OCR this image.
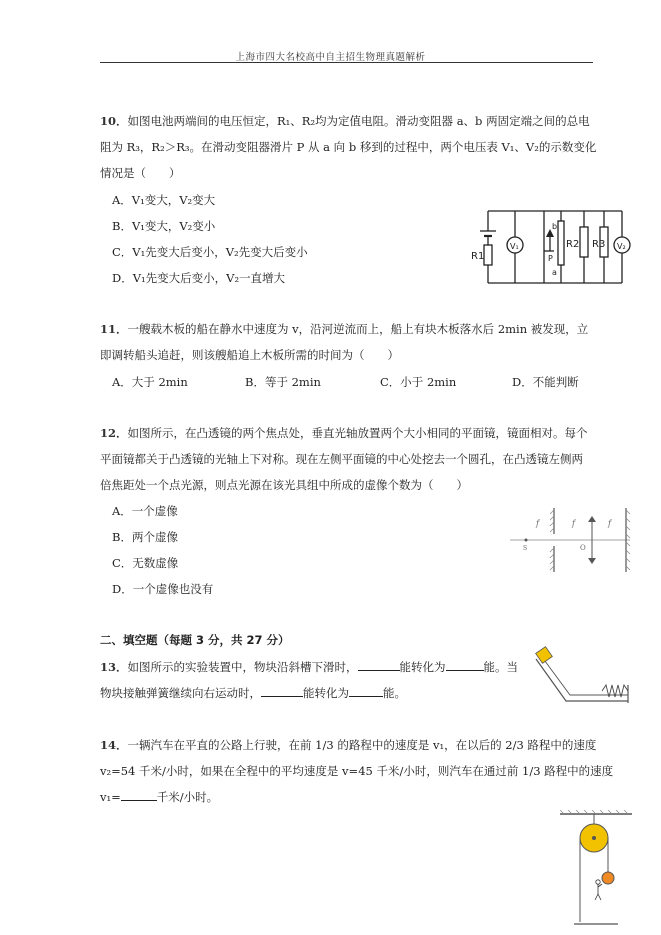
上海市四大名校高中自主招生物理真题解析
10．如图电池两端间的电压恒定，R₁、R₂均为定值电阻。滑动变阻器 a、b 两固定端之间的总电
阻为 R₃，R₂＞R₃。在滑动变阻器滑片 P 从 a 向 b 移到的过程中，两个电压表 V₁、V₂的示数变化
情况是（　　）
A．V₁变大，V₂变大
B．V₁变大，V₂变小
C．V₁先变大后变小，V₂先变大后变小
D．V₁先变大后变小，V₂一直增大
R1
V₁
b
P
a
R2 R3 V₂
11．一艘载木板的船在静水中速度为 v，沿河逆流而上，船上有块木板落水后 2min 被发现，立
即调转船头追赶，则该艘船追上木板所需的时间为（　　）
A．大于 2min	B．等于 2min	C．小于 2min	D．不能判断
12．如图所示，在凸透镜的两个焦点处，垂直光轴放置两个大小相同的平面镜，镜面相对。每个
平面镜都关于凸透镜的光轴上下对称。现在左侧平面镜的中心处挖去一个圆孔，在凸透镜左侧两
倍焦距处一个点光源，则点光源在该光具组中所成的虚像个数为（　　）
A．一个虚像
B．两个虚像
C．无数虚像
D．一个虚像也没有
f	f	f
S	O
二、填空题（每题 3 分，共 27 分）
13．如图所示的实验装置中，物块沿斜槽下滑时，	能转化为	能。当
物块接触弹簧继续向右运动时，	能转化为	能。
14．一辆汽车在平直的公路上行驶，在前 1/3 的路程中的速度是 v₁，在以后的 2/3 路程中的速度
v₂=54 千米/小时，如果在全程中的平均速度是 v=45 千米/小时，则汽车在通过前 1/3 路程中的速度
v₁=	千米/小时。
